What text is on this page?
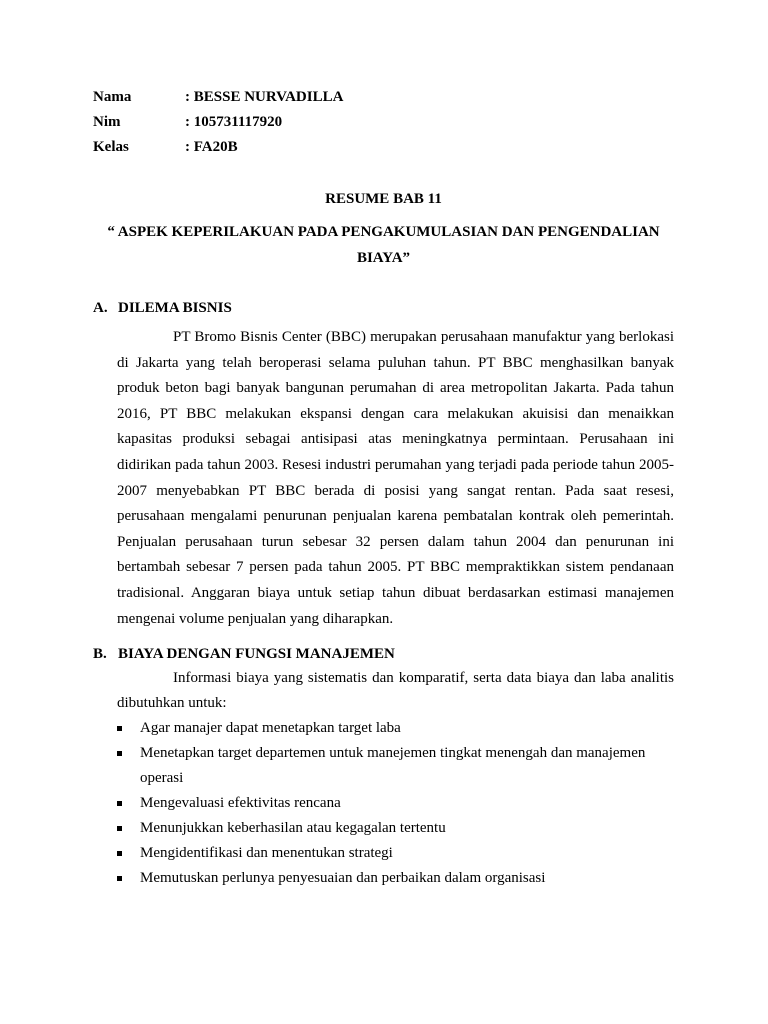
Nama	: BESSE NURVADILLA
Nim	: 105731117920
Kelas	: FA20B
RESUME BAB 11
“ ASPEK KEPERILAKUAN PADA PENGAKUMULASIAN DAN PENGENDALIAN
BIAYA”
A. DILEMA BISNIS

PT Bromo Bisnis Center (BBC) merupakan perusahaan manufaktur yang berlokasi di Jakarta yang telah beroperasi selama puluhan tahun. PT BBC menghasilkan banyak produk beton bagi banyak bangunan perumahan di area metropolitan Jakarta. Pada tahun 2016, PT BBC melakukan ekspansi dengan cara melakukan akuisisi dan menaikkan kapasitas produksi sebagai antisipasi atas meningkatnya permintaan. Perusahaan ini didirikan pada tahun 2003. Resesi industri perumahan yang terjadi pada periode tahun 2005-2007 menyebabkan PT BBC berada di posisi yang sangat rentan. Pada saat resesi, perusahaan mengalami penurunan penjualan karena pembatalan kontrak oleh pemerintah. Penjualan perusahaan turun sebesar 32 persen dalam tahun 2004 dan penurunan ini bertambah sebesar 7 persen pada tahun 2005. PT BBC mempraktikkan sistem pendanaan tradisional. Anggaran biaya untuk setiap tahun dibuat berdasarkan estimasi manajemen mengenai volume penjualan yang diharapkan.

B. BIAYA DENGAN FUNGSI MANAJEMEN

Informasi biaya yang sistematis dan komparatif, serta data biaya dan laba analitis dibutuhkan untuk:

Agar manajer dapat menetapkan target laba
Menetapkan target departemen untuk manejemen tingkat menengah dan manajemen operasi
Mengevaluasi efektivitas rencana
Menunjukkan keberhasilan atau kegagalan tertentu
Mengidentifikasi dan menentukan strategi
Memutuskan perlunya penyesuaian dan perbaikan dalam organisasi
